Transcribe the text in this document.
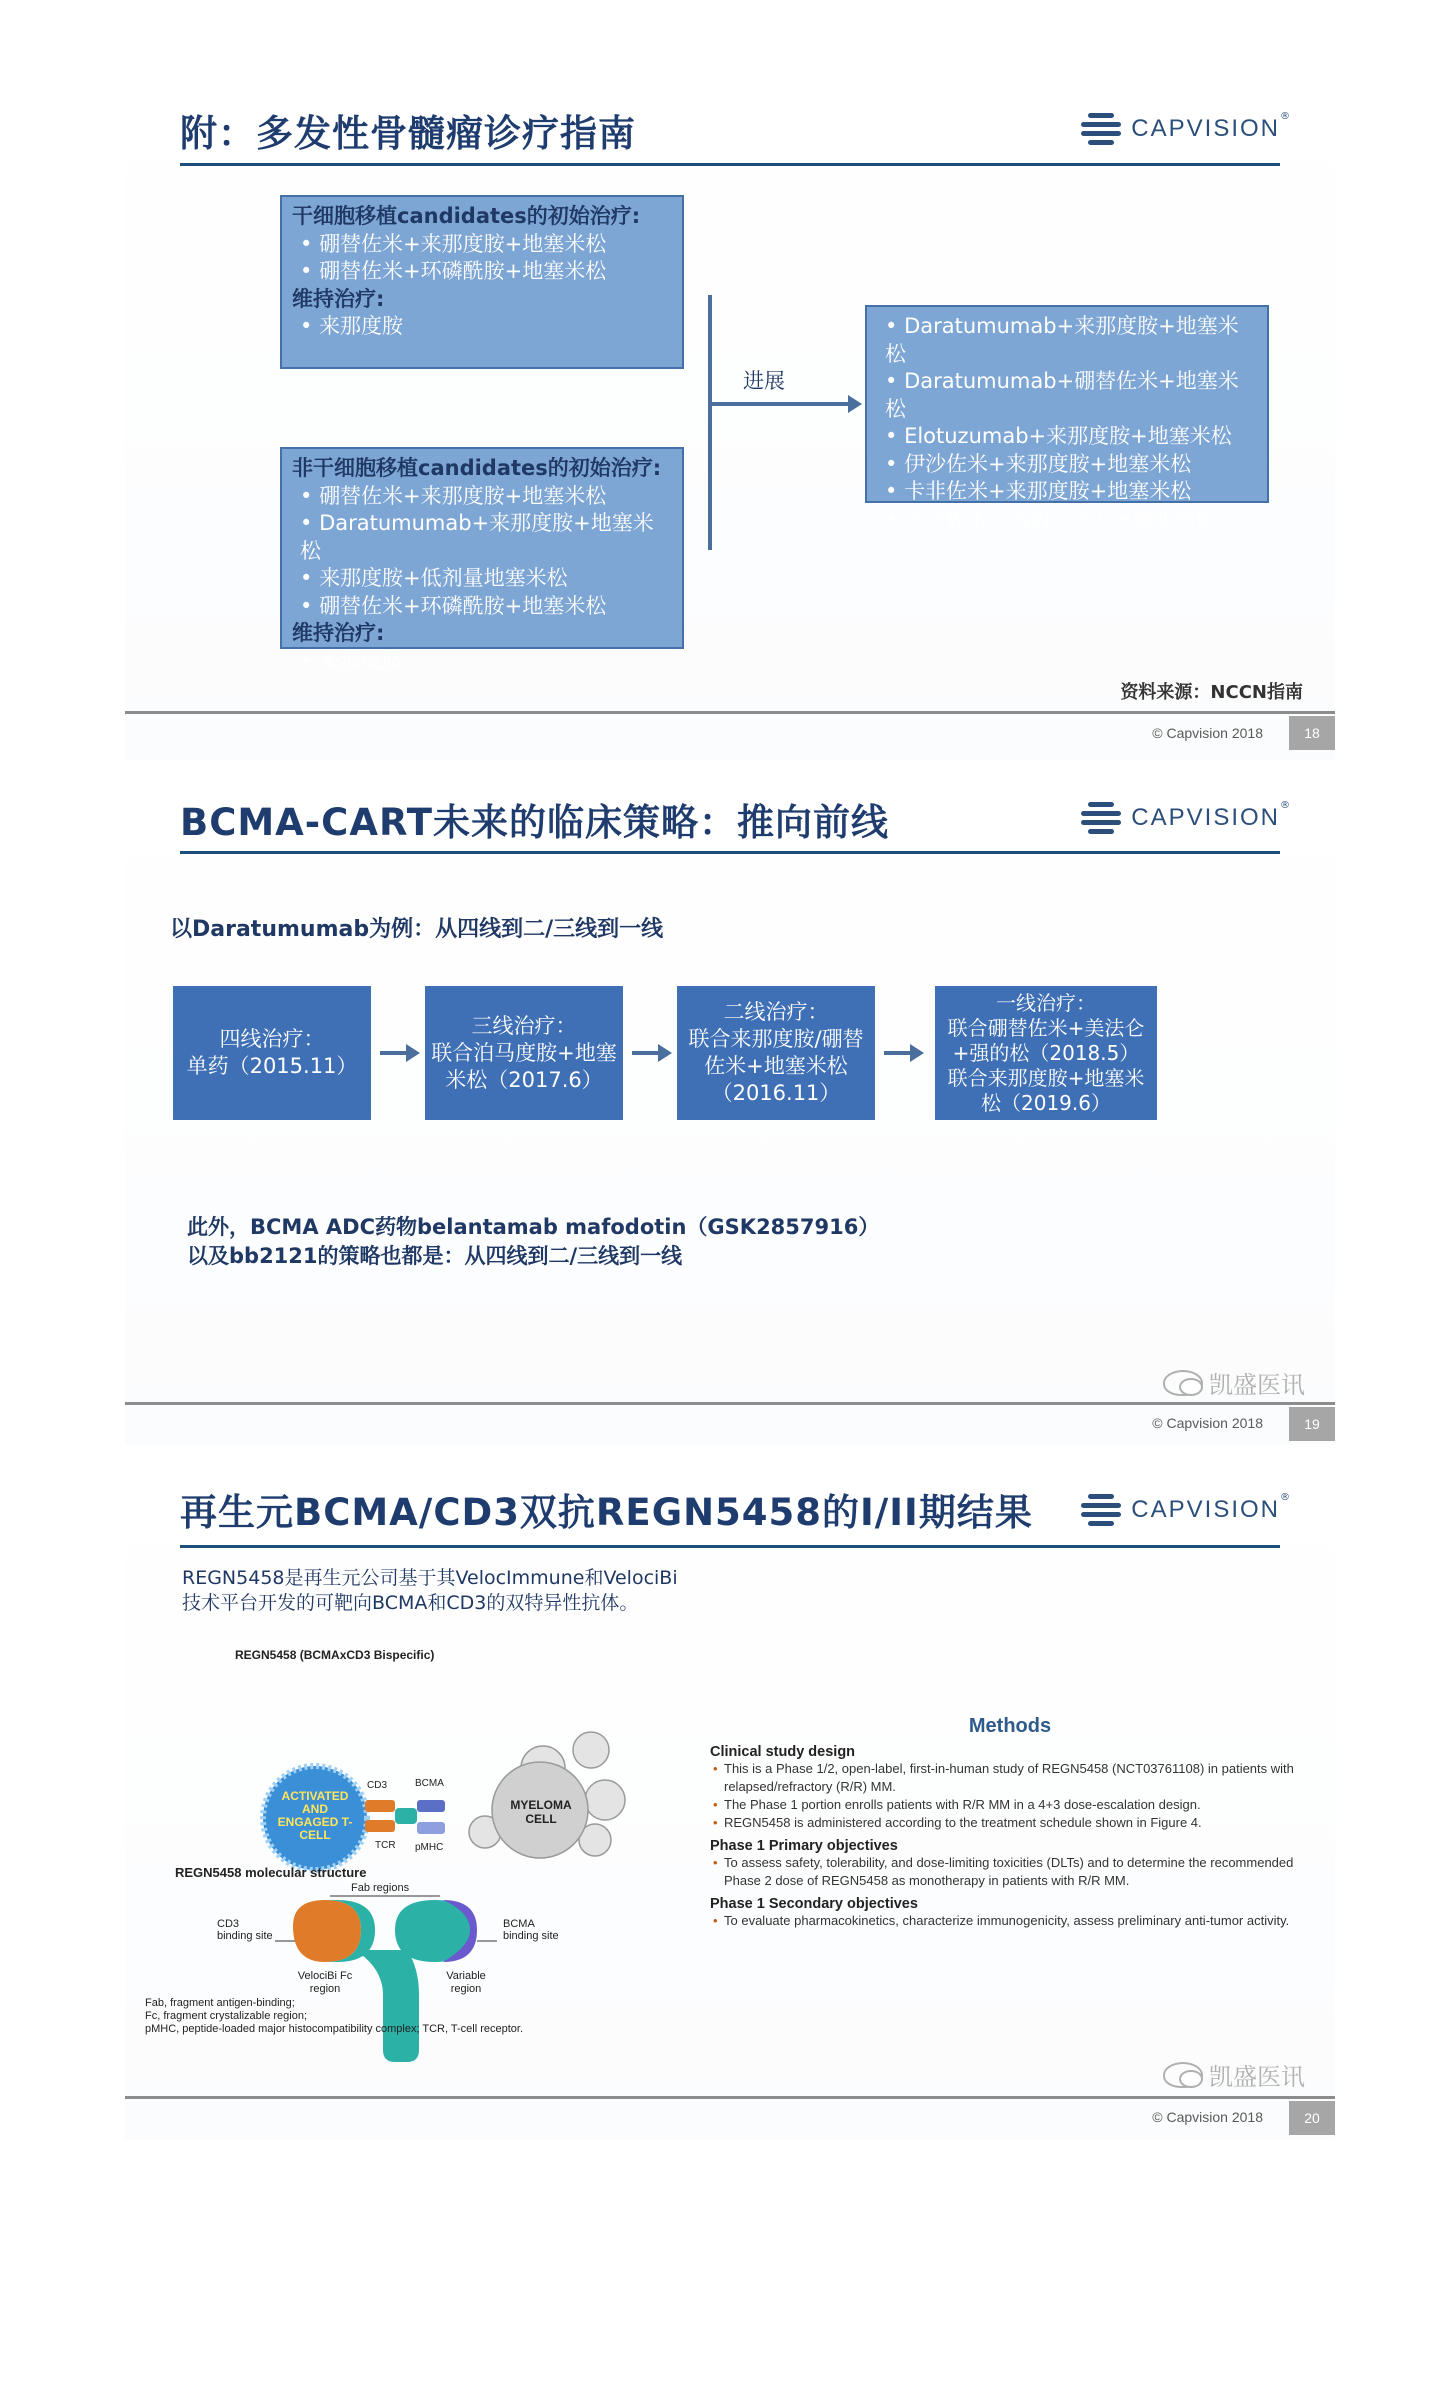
附：多发性骨髓瘤诊疗指南	CAPVISION ®
干细胞移植candidates的初始治疗:
• 硼替佐米+来那度胺+地塞米松
• 硼替佐米+环磷酰胺+地塞米松
维持治疗:
• 来那度胺
非干细胞移植candidates的初始治疗:
• 硼替佐米+来那度胺+地塞米松
• Daratumumab+来那度胺+地塞米松
• 来那度胺+低剂量地塞米松
• 硼替佐米+环磷酰胺+地塞米松
维持治疗:
• 来那度胺
进展
• Daratumumab+来那度胺+地塞米松
• Daratumumab+硼替佐米+地塞米松
• Elotuzumab+来那度胺+地塞米松
• 伊沙佐米+来那度胺+地塞米松
• 卡非佐米+来那度胺+地塞米松
• 卡非佐米（两周一次）+地塞米松
资料来源：NCCN指南
© Capvision 2018	18
BCMA-CART未来的临床策略：推向前线	CAPVISION ®
以Daratumumab为例：从四线到二/三线到一线
四线治疗：
单药（2015.11）
三线治疗：
联合泊马度胺+地塞米松（2017.6）
二线治疗：
联合来那度胺/硼替佐米+地塞米松
（2016.11）
一线治疗：
联合硼替佐米+美法仑+强的松（2018.5）
联合来那度胺+地塞米松（2019.6）
此外，BCMA ADC药物belantamab mafodotin（GSK2857916）
以及bb2121的策略也都是：从四线到二/三线到一线
凯盛医讯
© Capvision 2018	19
再生元BCMA/CD3双抗REGN5458的I/II期结果	CAPVISION ®
REGN5458是再生元公司基于其VelocImmune和VelociBi
技术平台开发的可靶向BCMA和CD3的双特异性抗体。
REGN5458 (BCMAxCD3 Bispecific)
ACTIVATED AND ENGAGED T-CELL
MYELOMA CELL
CD3	BCMA
TCR pMHC
REGN5458 molecular structure
Fab regions
CD3 binding site
BCMA binding site
VelociBi Fc region
Variable region
Fab, fragment antigen-binding;
Fc, fragment crystalizable region;
pMHC, peptide-loaded major histocompatibility complex; TCR, T-cell receptor.
Methods
Clinical study design
• This is a Phase 1/2, open-label, first-in-human study of REGN5458 (NCT03761108) in patients with relapsed/refractory (R/R) MM.
• The Phase 1 portion enrolls patients with R/R MM in a 4+3 dose-escalation design.
• REGN5458 is administered according to the treatment schedule shown in Figure 4.
Phase 1 Primary objectives
• To assess safety, tolerability, and dose-limiting toxicities (DLTs) and to determine the recommended Phase 2 dose of REGN5458 as monotherapy in patients with R/R MM.
Phase 1 Secondary objectives
• To evaluate pharmacokinetics, characterize immunogenicity, assess preliminary anti-tumor activity.
凯盛医讯
© Capvision 2018	20
